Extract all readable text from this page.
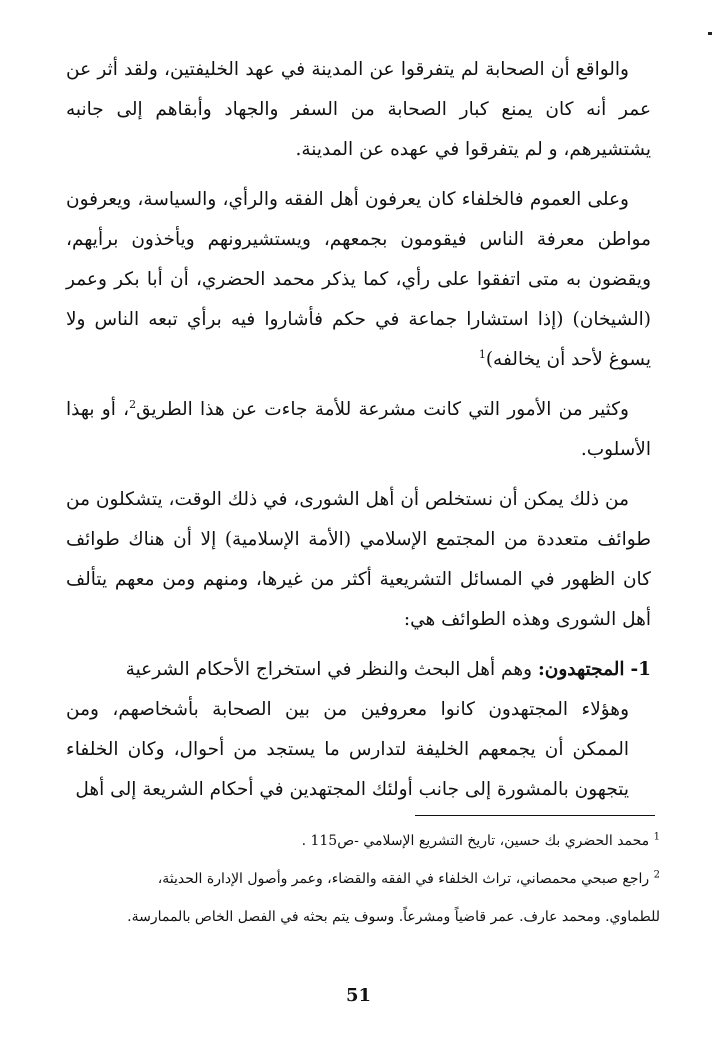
والواقع أن الصحابة لم يتفرقوا عن المدينة في عهد الخليفتين، ولقد أثر عن عمر أنه كان يمنع كبار الصحابة من السفر والجهاد وأبقاهم إلى جانبه يشتشيرهم، و لم يتفرقوا في عهده عن المدينة.

وعلى العموم فالخلفاء كان يعرفون أهل الفقه والرأي، والسياسة، ويعرفون مواطن معرفة الناس فيقومون بجمعهم، ويستشيرونهم ويأخذون برأيهم، ويقضون به متى اتفقوا على رأي، كما يذكر محمد الحضري، أن أبا بكر وعمر (الشيخان) (إذا استشارا جماعة في حكم فأشاروا فيه برأي تبعه الناس ولا يسوغ لأحد أن يخالفه)$^1$

وكثير من الأمور التي كانت مشرعة للأمة جاءت عن هذا الطريق$^2$، أو بهذا الأسلوب.

من ذلك يمكن أن نستخلص أن أهل الشورى، في ذلك الوقت، يتشكلون من طوائف متعددة من المجتمع الإسلامي (الأمة الإسلامية) إلا أن هناك طوائف كان الظهور في المسائل التشريعية أكثر من غيرها، ومنهم ومن معهم يتألف أهل الشورى وهذه الطوائف هي:

1- المجتهدون: وهم أهل البحث والنظر في استخراج الأحكام الشرعية
وهؤلاء المجتهدون كانوا معروفين من بين الصحابة بأشخاصهم، ومن الممكن أن يجمعهم الخليفة لتدارس ما يستجد من أحوال، وكان الخلفاء يتجهون بالمشورة إلى جانب أولئك المجتهدين في أحكام الشريعة إلى أهل

$^1$ محمد الحضري بك حسين، تاريخ التشريع الإسلامي -ص115 .

$^2$ راجع صبحي محمصاني، تراث الخلفاء في الفقه والقضاء، وعمر وأصول الإدارة الحديثة، للطماوي. ومحمد عارف. عمر قاضياً ومشرعاً. وسوف يتم بحثه في الفصل الخاص بالممارسة.

51
